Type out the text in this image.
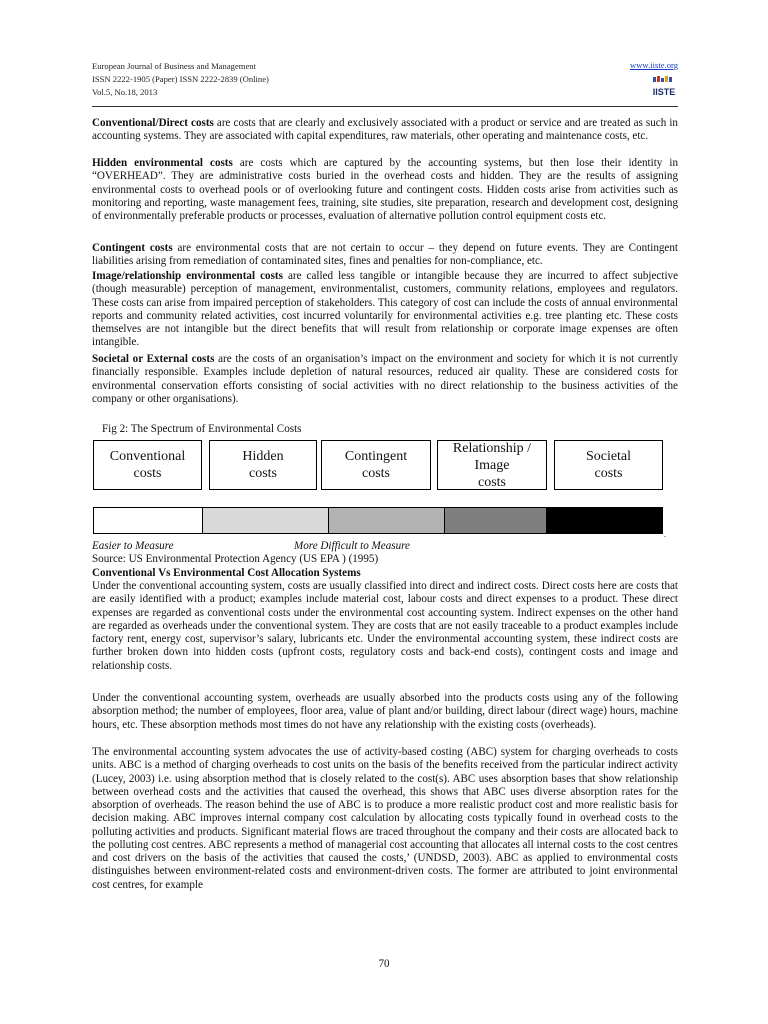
European Journal of Business and Management
ISSN 2222-1905 (Paper) ISSN 2222-2839 (Online)
Vol.5, No.18, 2013
www.iiste.org
IISTE

Conventional/Direct costs are costs that are clearly and exclusively associated with a product or service and are treated as such in accounting systems. They are associated with capital expenditures, raw materials, other operating and maintenance costs, etc.

Hidden environmental costs are costs which are captured by the accounting systems, but then lose their identity in “OVERHEAD”. They are administrative costs buried in the overhead costs and hidden. They are the results of assigning environmental costs to overhead pools or of overlooking future and contingent costs. Hidden costs arise from activities such as monitoring and reporting, waste management fees, training, site studies, site preparation, research and development cost, designing of environmentally preferable products or processes, evaluation of alternative pollution control equipment costs etc.

Contingent costs are environmental costs that are not certain to occur – they depend on future events. They are Contingent liabilities arising from remediation of contaminated sites, fines and penalties for non-compliance, etc.

Image/relationship environmental costs are called less tangible or intangible because they are incurred to affect subjective (though measurable) perception of management, environmentalist, customers, community relations, employees and regulators. These costs can arise from impaired perception of stakeholders. This category of cost can include the costs of annual environmental reports and community related activities, cost incurred voluntarily for environmental activities e.g. tree planting etc. These costs themselves are not intangible but the direct benefits that will result from relationship or corporate image expenses are often intangible.

Societal or External costs are the costs of an organisation’s impact on the environment and society for which it is not currently financially responsible. Examples include depletion of natural resources, reduced air quality. These are considered costs for environmental conservation efforts consisting of social activities with no direct relationship to the business activities of the company or other organisations).

Fig 2: The Spectrum of Environmental Costs
Conventional
costs
Hidden
costs
Contingent
costs
Relationship /
Image
costs
Societal
costs
.
Easier to Measure	More Difficult to Measure
Source: US Environmental Protection Agency (US EPA ) (1995)
Conventional Vs Environmental Cost Allocation Systems

Under the conventional accounting system, costs are usually classified into direct and indirect costs. Direct costs here are costs that are easily identified with a product; examples include material cost, labour costs and direct expenses to a product. These direct expenses are regarded as conventional costs under the environmental cost accounting system. Indirect expenses on the other hand are regarded as overheads under the conventional system. They are costs that are not easily traceable to a product examples include factory rent, energy cost, supervisor’s salary, lubricants etc. Under the environmental accounting system, these indirect costs are further broken down into hidden costs (upfront costs, regulatory costs and back-end costs), contingent costs and image and relationship costs.

Under the conventional accounting system, overheads are usually absorbed into the products costs using any of the following absorption method; the number of employees, floor area, value of plant and/or building, direct labour (direct wage) hours, machine hours, etc. These absorption methods most times do not have any relationship with the existing costs (overheads).

The environmental accounting system advocates the use of activity-based costing (ABC) system for charging overheads to costs units. ABC is a method of charging overheads to cost units on the basis of the benefits received from the particular indirect activity (Lucey, 2003) i.e. using absorption method that is closely related to the cost(s). ABC uses absorption bases that show relationship between overhead costs and the activities that caused the overhead, this shows that ABC uses diverse absorption rates for the absorption of overheads. The reason behind the use of ABC is to produce a more realistic product cost and more realistic basis for decision making. ABC improves internal company cost calculation by allocating costs typically found in overhead costs to the polluting activities and products. Significant material flows are traced throughout the company and their costs are allocated back to the polluting cost centres. ABC represents a method of managerial cost accounting that allocates all internal costs to the cost centres and cost drivers on the basis of the activities that caused the costs,’ (UNDSD, 2003). ABC as applied to environmental costs distinguishes between environment-related costs and environment-driven costs. The former are attributed to joint environmental cost centres, for example

70
